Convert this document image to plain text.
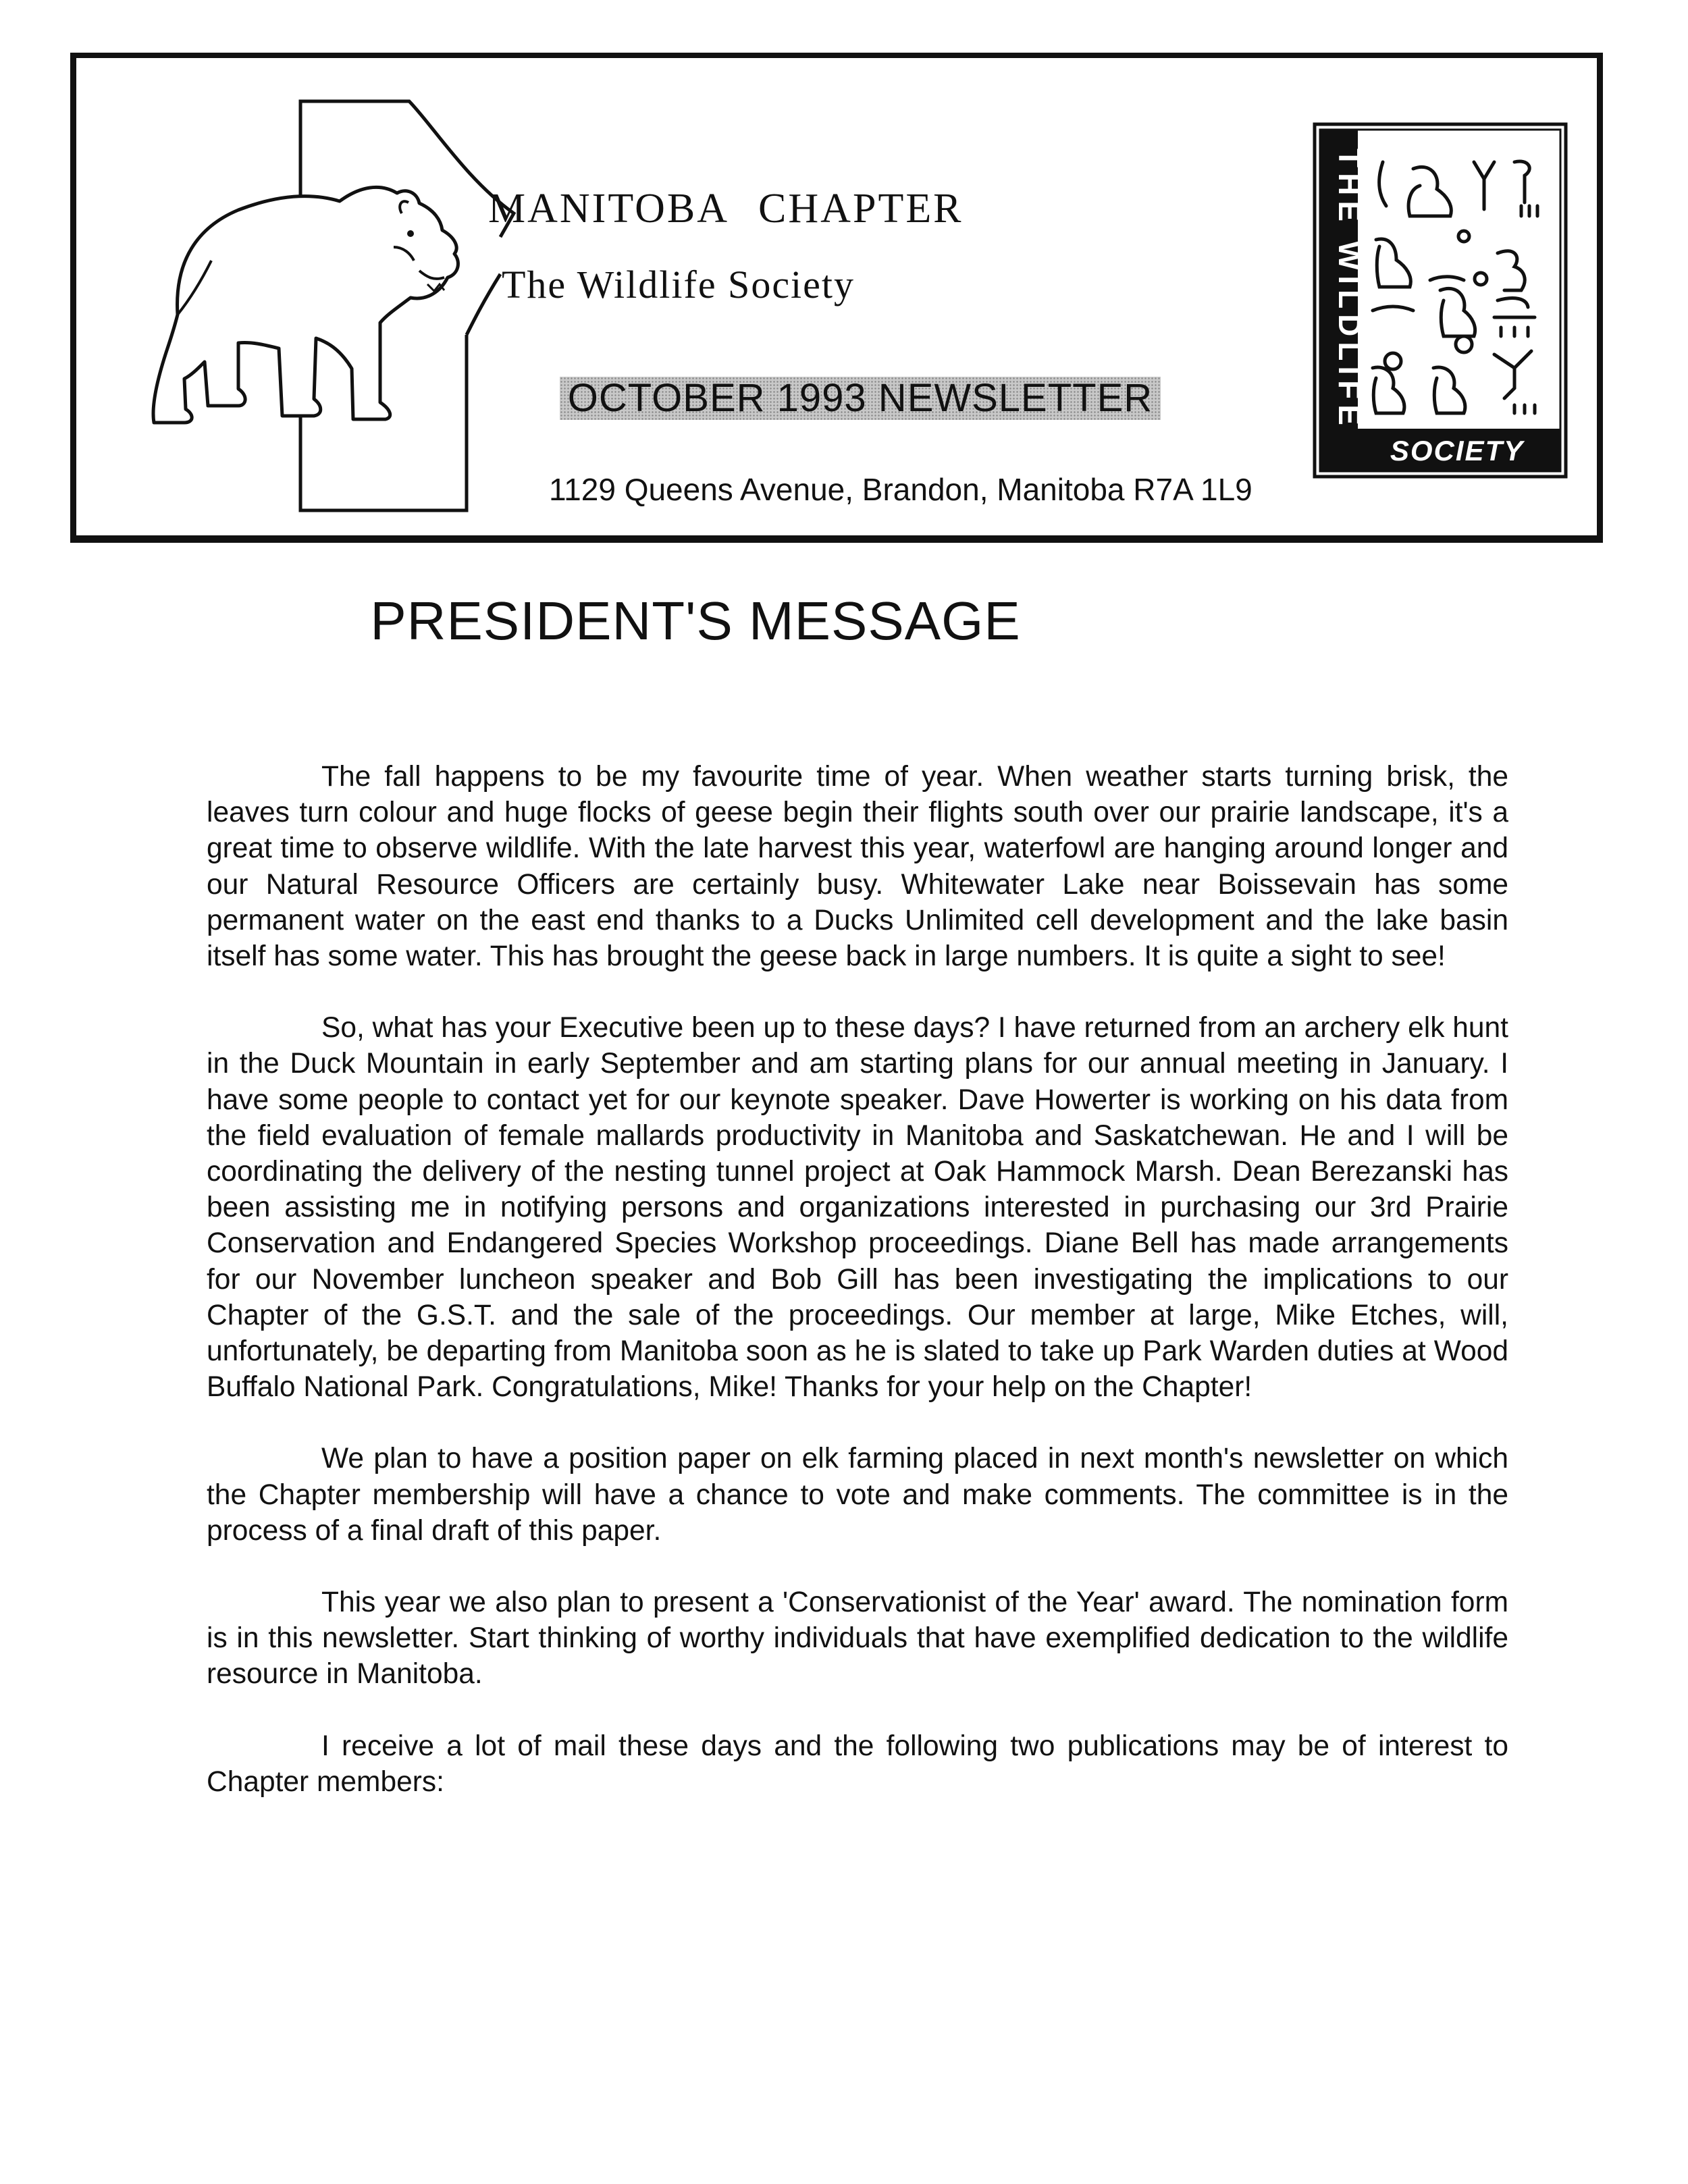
MANITOBA CHAPTER
The Wildlife Society
OCTOBER 1993 NEWSLETTER
1129 Queens Avenue, Brandon, Manitoba R7A 1L9
THE WILDLIFE
SOCIETY
PRESIDENT'S MESSAGE

The fall happens to be my favourite time of year. When weather starts turning brisk, the leaves turn colour and huge flocks of geese begin their flights south over our prairie landscape, it's a great time to observe wildlife. With the late harvest this year, waterfowl are hanging around longer and our Natural Resource Officers are certainly busy. Whitewater Lake near Boissevain has some permanent water on the east end thanks to a Ducks Unlimited cell development and the lake basin itself has some water. This has brought the geese back in large numbers. It is quite a sight to see!

So, what has your Executive been up to these days? I have returned from an archery elk hunt in the Duck Mountain in early September and am starting plans for our annual meeting in January. I have some people to contact yet for our keynote speaker. Dave Howerter is working on his data from the field evaluation of female mallards productivity in Manitoba and Saskatchewan. He and I will be coordinating the delivery of the nesting tunnel project at Oak Hammock Marsh. Dean Berezanski has been assisting me in notifying persons and organizations interested in purchasing our 3rd Prairie Conservation and Endangered Species Workshop proceedings. Diane Bell has made arrangements for our November luncheon speaker and Bob Gill has been investigating the implications to our Chapter of the G.S.T. and the sale of the proceedings. Our member at large, Mike Etches, will, unfortunately, be departing from Manitoba soon as he is slated to take up Park Warden duties at Wood Buffalo National Park. Congratulations, Mike! Thanks for your help on the Chapter!

We plan to have a position paper on elk farming placed in next month's newsletter on which the Chapter membership will have a chance to vote and make comments. The committee is in the process of a final draft of this paper.

This year we also plan to present a 'Conservationist of the Year' award. The nomination form is in this newsletter. Start thinking of worthy individuals that have exemplified dedication to the wildlife resource in Manitoba.

I receive a lot of mail these days and the following two publications may be of interest to Chapter members:
